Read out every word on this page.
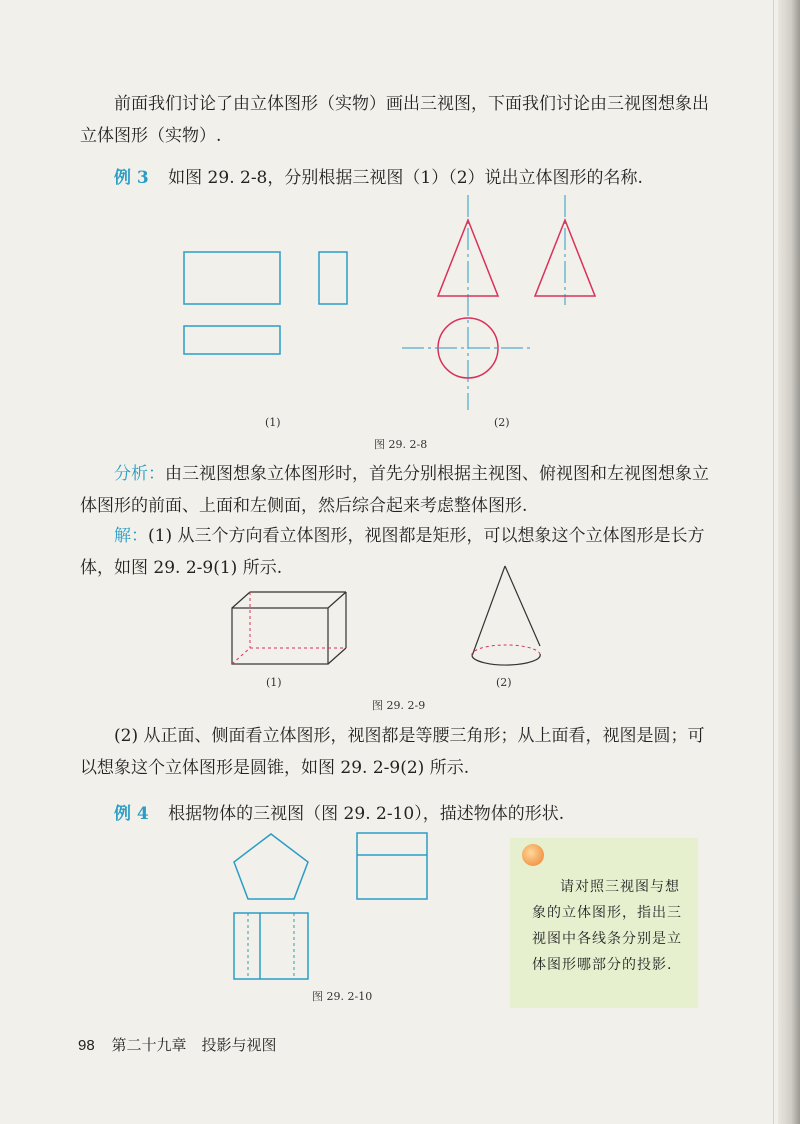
前面我们讨论了由立体图形（实物）画出三视图，下面我们讨论由三视图想象出立体图形（实物）.

例 3 如图 29. 2-8，分别根据三视图（1）（2）说出立体图形的名称.

(1)	(2)
图 29. 2-8

分析：由三视图想象立体图形时，首先分别根据主视图、俯视图和左视图想象立体图形的前面、上面和左侧面，然后综合起来考虑整体图形.

解：(1) 从三个方向看立体图形，视图都是矩形，可以想象这个立体图形是长方体，如图 29. 2-9(1) 所示.

(1)	(2)
图 29. 2-9

(2) 从正面、侧面看立体图形，视图都是等腰三角形；从上面看，视图是圆；可以想象这个立体图形是圆锥，如图 29. 2-9(2) 所示.

例 4 根据物体的三视图（图 29. 2-10），描述物体的形状.

图 29. 2-10
请对照三视图与想象的立体图形，指出三视图中各线条分别是立体图形哪部分的投影.
98 第二十九章　投影与视图
